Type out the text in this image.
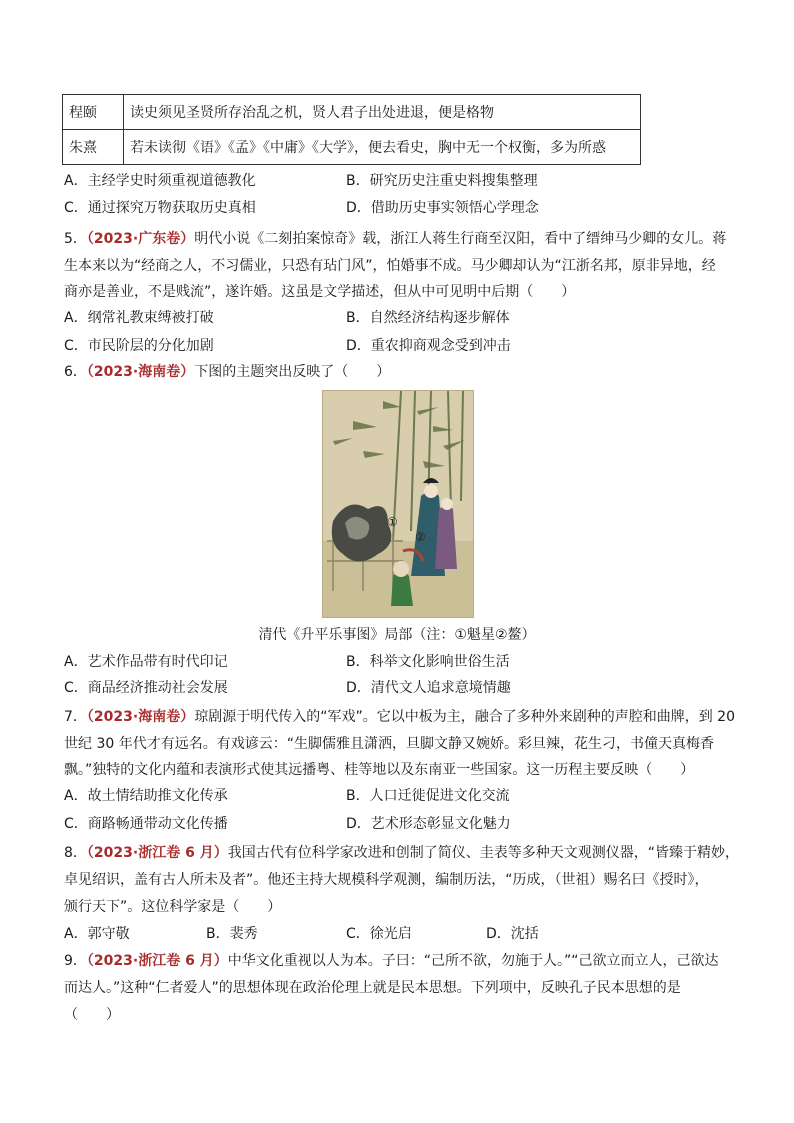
程颐	读史须见圣贤所存治乱之机，贤人君子出处进退，便是格物
朱熹	若未读彻《语》《孟》《中庸》《大学》，便去看史，胸中无一个权衡，多为所惑
A．主经学史时须重视道德教化	B．研究历史注重史料搜集整理
C．通过探究万物获取历史真相	D．借助历史事实领悟心学理念
5．（2023·广东卷）明代小说《二刻拍案惊奇》载，浙江人蒋生行商至汉阳，看中了缙绅马少卿的女儿。蒋
生本来以为“经商之人，不习儒业，只恐有玷门风”，怕婚事不成。马少卿却认为“江浙名邦，原非异地，经
商亦是善业，不是贱流”，遂许婚。这虽是文学描述，但从中可见明中后期（　　）
A．纲常礼教束缚被打破	B．自然经济结构逐步解体
C．市民阶层的分化加剧	D．重农抑商观念受到冲击
6．（2023·海南卷）下图的主题突出反映了（　　）
①
②
清代《升平乐事图》局部（注：①魁星②鳌）
A．艺术作品带有时代印记	B．科举文化影响世俗生活
C．商品经济推动社会发展	D．清代文人追求意境情趣
7．（2023·海南卷）琼剧源于明代传入的“军戏”。它以中板为主，融合了多种外来剧种的声腔和曲牌，到 20
世纪 30 年代才有远名。有戏谚云：“生脚儒雅且潇洒，旦脚文静又婉娇。彩旦辣，花生刁，书僮天真梅香
飘。”独特的文化内蕴和表演形式使其远播粤、桂等地以及东南亚一些国家。这一历程主要反映（　　）
A．故土情结助推文化传承	B．人口迁徙促进文化交流
C．商路畅通带动文化传播	D．艺术形态彰显文化魅力
8．（2023·浙江卷 6 月）我国古代有位科学家改进和创制了简仪、圭表等多种天文观测仪器，“皆臻于精妙，
卓见绍识，盖有古人所未及者”。他还主持大规模科学观测，编制历法，“历成，（世祖）赐名曰《授时》，
颁行天下”。这位科学家是（　　）
A．郭守敬	B．裴秀	C．徐光启	D．沈括
9．（2023·浙江卷 6 月）中华文化重视以人为本。子曰：“己所不欲，勿施于人。”“己欲立而立人，己欲达
而达人。”这种“仁者爱人”的思想体现在政治伦理上就是民本思想。下列项中，反映孔子民本思想的是
（　　）
